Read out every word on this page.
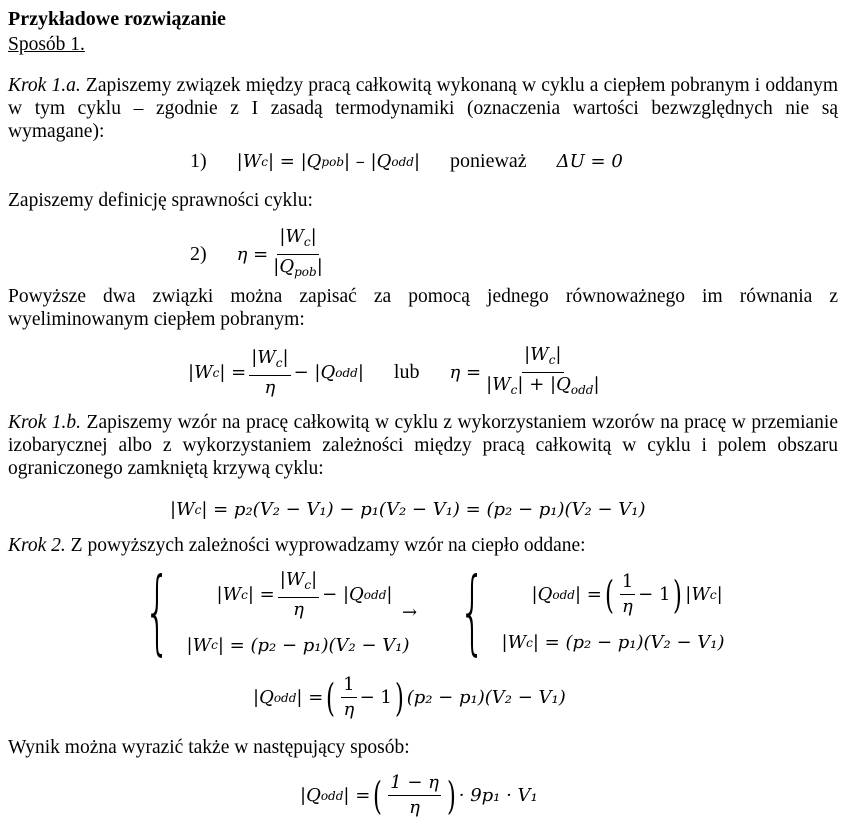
Przykładowe rozwiązanie
Sposób 1.
Krok 1.a. Zapiszemy związek między pracą całkowitą wykonaną w cyklu a ciepłem pobranym i oddanym w tym cyklu – zgodnie z I zasadą termodynamiki (oznaczenia wartości bezwzględnych nie są wymagane):
1) |W c | = |Q pob | – |Q odd | ponieważ ΔU = 0
Zapiszemy definicję sprawności cyklu:
2) $\eta = \frac{|W_c|}{|Q_{pob}|}$
Powyższe dwa związki można zapisać za pomocą jednego równoważnego im równania z wyeliminowanym ciepłem pobranym:
|W c |
= $\frac{|W_c|}{\eta} - |Q$ odd | lub η
= $\frac{|W_c|}{|W_c| + |Q_{odd}|}$
Krok 1.b. Zapiszemy wzór na pracę całkowitą w cyklu z wykorzystaniem wzorów na pracę w przemianie izobarycznej albo z wykorzystaniem zależności między pracą całkowitą w cyklu i polem obszaru ograniczonego zamkniętą krzywą cyklu:
|W c |
= p₂(V₂ − V₁) − p₁(V₂ − V₁) = (p₂ − p₁)(V₂ − V₁)
Krok 2. Z powyższych zależności wyprowadzamy wzór na ciepło oddane:
{	|W c |
= $\frac{|W_c|}{\eta} - |Q$ odd |
|W c |
= (p₂ − p₁)(V₂ − V₁)
→ {	|Q odd |
= ( $\frac{1}{\eta} - 1$ ) |W c |
|W c |
= (p₂ − p₁)(V₂ − V₁)
|Q odd |
= ( $\frac{1}{\eta} - 1$ ) (p₂ − p₁)(V₂ − V₁)
Wynik można wyrazić także w następujący sposób:
|Q odd |
= ( $\frac{1 - \eta}{\eta}$ ) · 9p₁ · V₁
